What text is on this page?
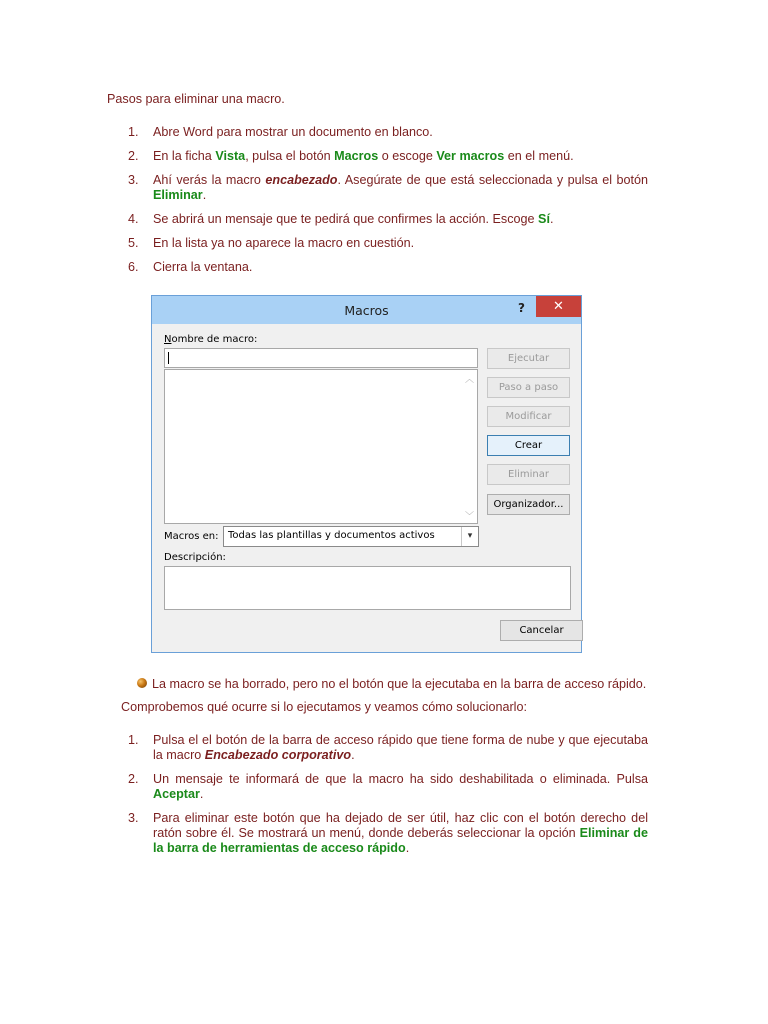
Pasos para eliminar una macro.
1. Abre Word para mostrar un documento en blanco.
2. En la ficha Vista, pulsa el botón Macros o escoge Ver macros en el menú.
3. Ahí verás la macro encabezado. Asegúrate de que está seleccionada y pulsa el botón Eliminar.
4. Se abrirá un mensaje que te pedirá que confirmes la acción. Escoge Sí.
5. En la lista ya no aparece la macro en cuestión.
6. Cierra la ventana.
Macros	?	✕
Nombre de macro:
︿
﹀
Ejecutar
Paso a paso
Modificar
Crear
Eliminar
Organizador...
Macros en: Todas las plantillas y documentos activos	▾
Descripción:
Cancelar
La macro se ha borrado, pero no el botón que la ejecutaba en la barra de acceso rápido.
Comprobemos qué ocurre si lo ejecutamos y veamos cómo solucionarlo:
1. Pulsa el el botón de la barra de acceso rápido que tiene forma de nube y que ejecutaba la macro Encabezado corporativo.
2. Un mensaje te informará de que la macro ha sido deshabilitada o eliminada. Pulsa Aceptar.
3. Para eliminar este botón que ha dejado de ser útil, haz clic con el botón derecho del ratón sobre él. Se mostrará un menú, donde deberás seleccionar la opción Eliminar de la barra de herramientas de acceso rápido.
